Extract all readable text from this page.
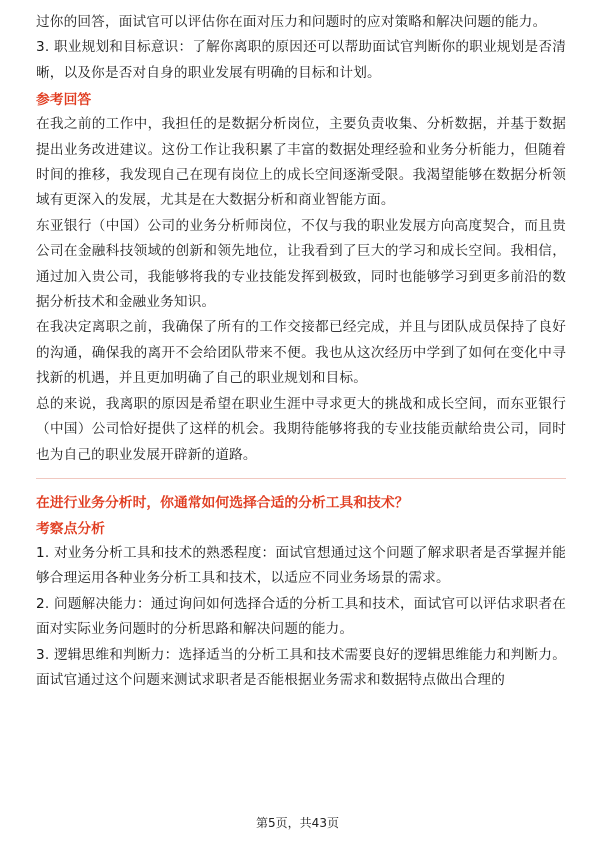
过你的回答，面试官可以评估你在面对压力和问题时的应对策略和解决问题的能力。

3. 职业规划和目标意识：了解你离职的原因还可以帮助面试官判断你的职业规划是否清晰，以及你是否对自身的职业发展有明确的目标和计划。

参考回答

在我之前的工作中，我担任的是数据分析岗位，主要负责收集、分析数据，并基于数据提出业务改进建议。这份工作让我积累了丰富的数据处理经验和业务分析能力，但随着时间的推移，我发现自己在现有岗位上的成长空间逐渐受限。我渴望能够在数据分析领域有更深入的发展，尤其是在大数据分析和商业智能方面。

东亚银行（中国）公司的业务分析师岗位，不仅与我的职业发展方向高度契合，而且贵公司在金融科技领域的创新和领先地位，让我看到了巨大的学习和成长空间。我相信，通过加入贵公司，我能够将我的专业技能发挥到极致，同时也能够学习到更多前沿的数据分析技术和金融业务知识。

在我决定离职之前，我确保了所有的工作交接都已经完成，并且与团队成员保持了良好的沟通，确保我的离开不会给团队带来不便。我也从这次经历中学到了如何在变化中寻找新的机遇，并且更加明确了自己的职业规划和目标。

总的来说，我离职的原因是希望在职业生涯中寻求更大的挑战和成长空间，而东亚银行（中国）公司恰好提供了这样的机会。我期待能够将我的专业技能贡献给贵公司，同时也为自己的职业发展开辟新的道路。

在进行业务分析时，你通常如何选择合适的分析工具和技术？

考察点分析

1. 对业务分析工具和技术的熟悉程度：面试官想通过这个问题了解求职者是否掌握并能够合理运用各种业务分析工具和技术，以适应不同业务场景的需求。

2. 问题解决能力：通过询问如何选择合适的分析工具和技术，面试官可以评估求职者在面对实际业务问题时的分析思路和解决问题的能力。

3. 逻辑思维和判断力：选择适当的分析工具和技术需要良好的逻辑思维能力和判断力。面试官通过这个问题来测试求职者是否能根据业务需求和数据特点做出合理的

第5页，共43页
